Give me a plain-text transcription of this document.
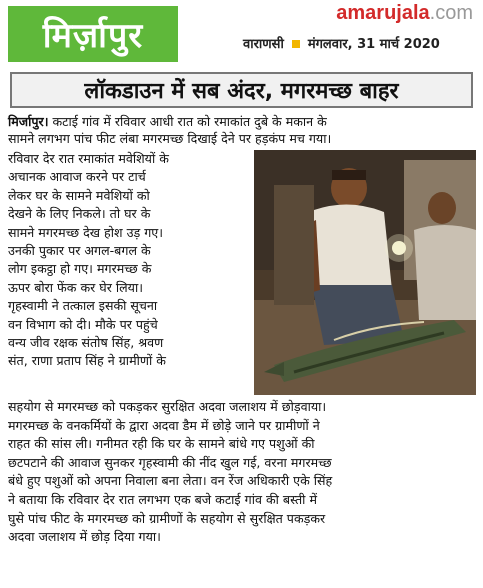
मिर्ज़ापुर
amarujala.com
वाराणसी मंगलवार, 31 मार्च 2020
लॉकडाउन में सब अंदर, मगरमच्छ बाहर
मिर्जापुर। कटाई गांव में रविवार आधी रात को रमाकांत दुबे के मकान के
सामने लगभग पांच फीट लंबा मगरमच्छ दिखाई देने पर हड़कंप मच गया।
रविवार देर रात रमाकांत मवेशियों के
अचानक आवाज करने पर टार्च
लेकर घर के सामने मवेशियों को
देखने के लिए निकले। तो घर के
सामने मगरमच्छ देख होश उड़ गए।
उनकी पुकार पर अगल-बगल के
लोग इकट्ठा हो गए। मगरमच्छ के
ऊपर बोरा फेंक कर घेर लिया।
गृहस्वामी ने तत्काल इसकी सूचना
वन विभाग को दी। मौके पर पहुंचे
वन्य जीव रक्षक संतोष सिंह, श्रवण
संत, राणा प्रताप सिंह ने ग्रामीणों के
सहयोग से मगरमच्छ को पकड़कर सुरक्षित अदवा जलाशय में छोड़वाया।
मगरमच्छ के वनकर्मियों के द्वारा अदवा डैम में छोड़े जाने पर ग्रामीणों ने
राहत की सांस ली। गनीमत रही कि घर के सामने बांधे गए पशुओं की
छटपटाने की आवाज सुनकर गृहस्वामी की नींद खुल गई, वरना मगरमच्छ
बंधे हुए पशुओं को अपना निवाला बना लेता। वन रेंज अधिकारी एके सिंह
ने बताया कि रविवार देर रात लगभग एक बजे कटाई गांव की बस्ती में
घुसे पांच फीट के मगरमच्छ को ग्रामीणों के सहयोग से सुरक्षित पकड़कर
अदवा जलाशय में छोड़ दिया गया।
